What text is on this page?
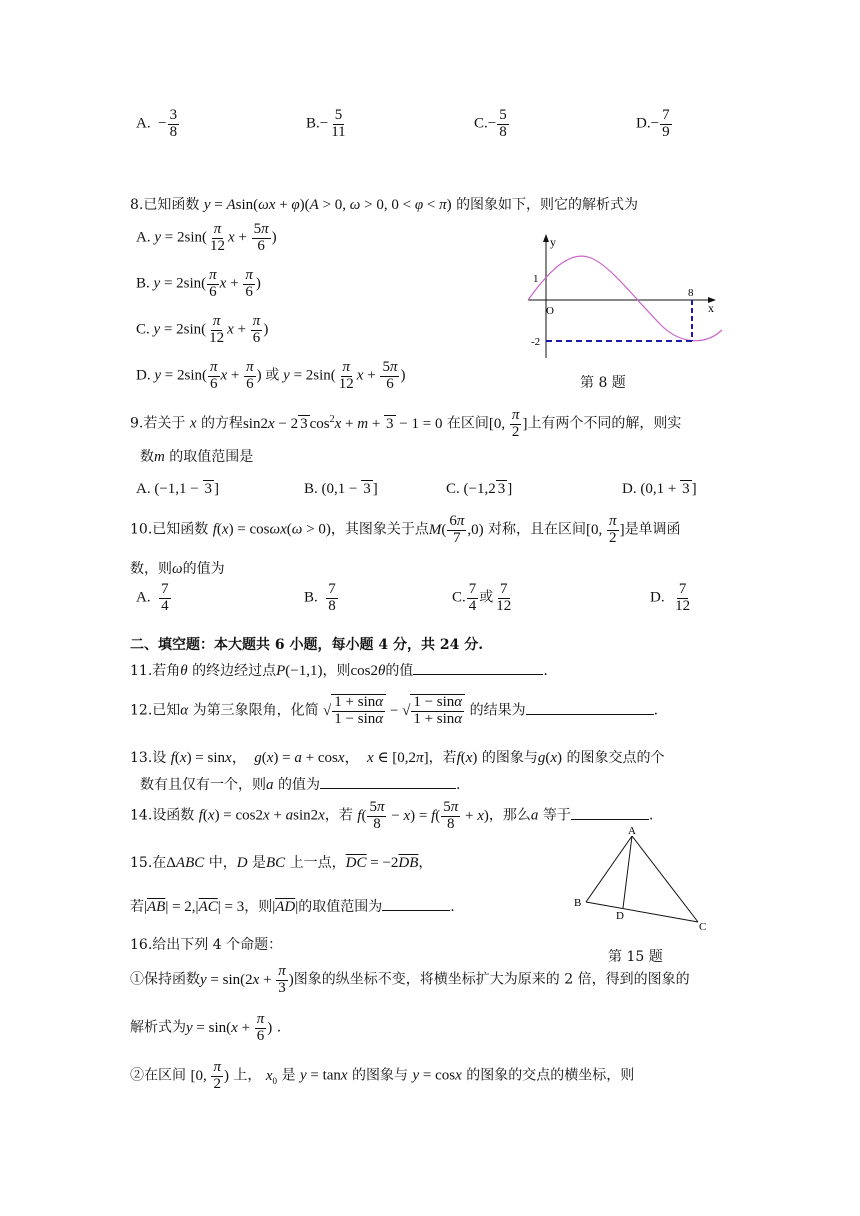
A.  − $\frac{3}{8}$	$B.- \frac{5}{11}$	$C.- \frac{5}{8}$	$D.- \frac{7}{9}$
8.已知函数 y = Asin(ωx + φ)(A > 0, ω > 0, 0 < φ < π) 的图象如下，则它的解析式为
A. $y = 2\sin( \frac{\pi}{12}$ $x + \frac{5\pi}{6}$ )
B. $y = 2\sin( \frac{\pi}{6}$ $x + \frac{\pi}{6}$ )
C. $y = 2\sin( \frac{\pi}{12}$ $x + \frac{\pi}{6}$ )
D. $y = 2\sin( \frac{\pi}{6}$ $x + \frac{\pi}{6}$ ) 或 $y = 2\sin( \frac{\pi}{12}$ $x + \frac{5\pi}{6}$ )
y
x
O
1
-2
8
第 8 题
9.若关于 x 的方程sin2x − 2 3 $\cos^2x + m + 3 - 1 = 0$ 在区间[0, $\frac{\pi}{2}$ ]上有两个不同的解，则实
数m 的取值范围是
A. (−1,1 − 3 ]	B. (0,1 − 3 ]	C. (−1,2 3 ]	D. (0,1 + 3 ]
10.已知函数 f(x) = cosωx(ω > 0)，其图象关于点$M( \frac{6\pi}{7} ,0)$ 对称，且在区间[0, $\frac{\pi}{2}$ ]是单调函
数，则ω的值为
A. $\frac{7}{4}$	B. $\frac{7}{8}$	C. $\frac{7}{4}$ 或 $\frac{7}{12}$	D. $\frac{7}{12}$
二、填空题：本大题共 6 小题，每小题 4 分，共 24 分.
11.若角θ 的终边经过点P(−1,1)，则cos2θ的值	.
12.已知α 为第三象限角，化简 √ $\frac{1 + \sin\alpha}{1 - \sin\alpha}$ − √ $\frac{1 - \sin\alpha}{1 + \sin\alpha}$ 的结果为	.
13.设 f(x) = sinx，  g(x) = a + cosx，  x ∈ [0,2π]，若f(x) 的图象与g(x) 的图象交点的个
数有且仅有一个，则a 的值为	.
14.设函数 f(x) = cos2x + asin2x，若 $f( \frac{5\pi}{8} - x) = f( \frac{5\pi}{8} + x)$，那么a 等于	.
15.在ΔABC 中，D 是BC 上一点，$\overline{DC} = -2\overline{DB}$，
若$|\overline{AB}| = 2,|\overline{AC}| = 3$，则$|\overline{AD}|$的取值范围为	.
A
B
C
D
第 15 题
16.给出下列 4 个命题：
①保持函数$y = \sin(2x + \frac{\pi}{3}$ )图象的纵坐标不变，将横坐标扩大为原来的 2 倍，得到的图象的
解析式为$y = \sin(x + \frac{\pi}{6}$ ) .
②在区间 [0, $\frac{\pi}{2}$ ) 上， $x_0$ 是 y = tanx 的图象与 y = cosx 的图象的交点的横坐标，则
